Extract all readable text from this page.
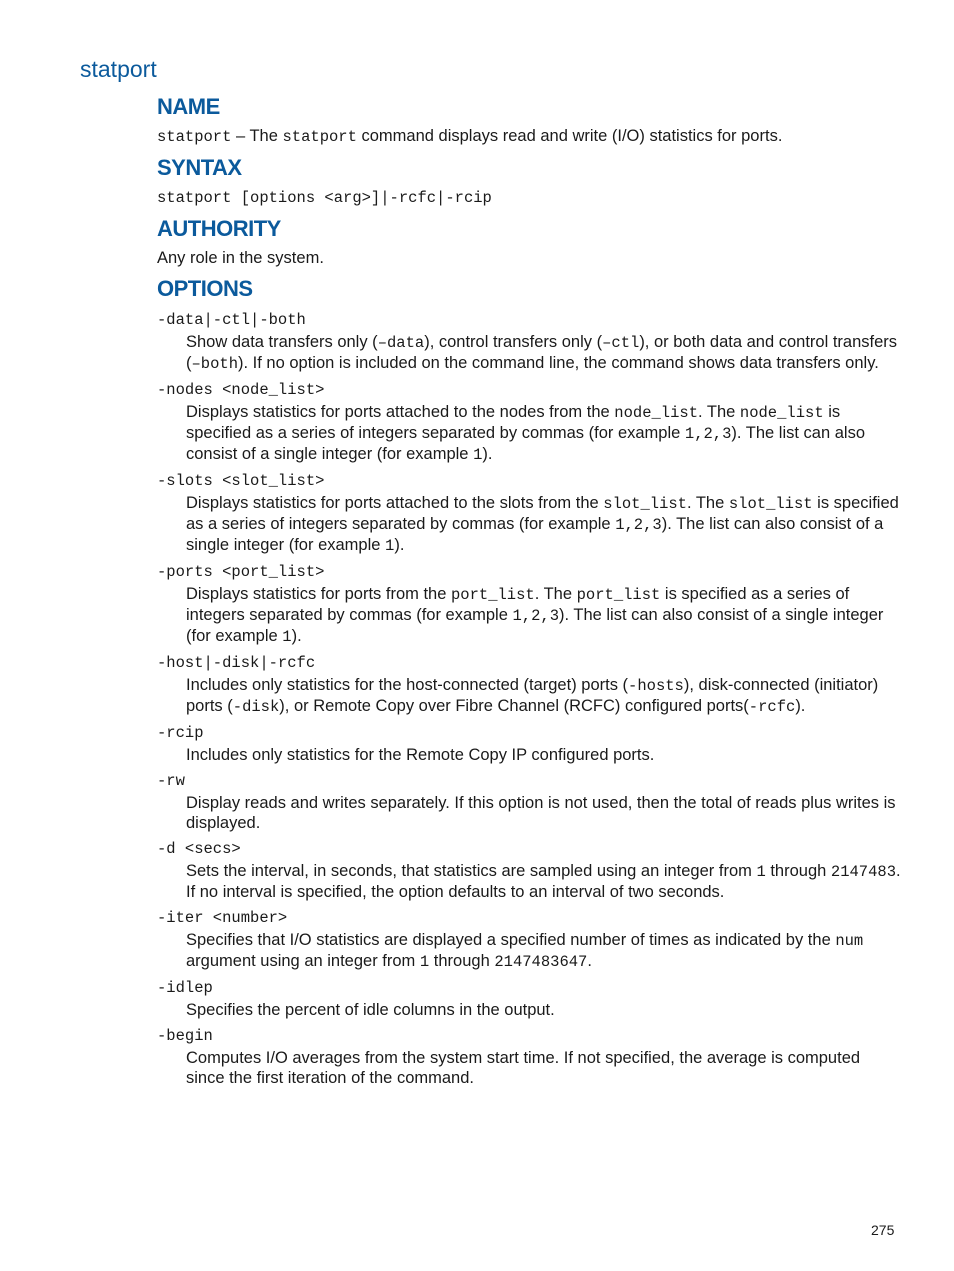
statport
NAME

statport – The statport command displays read and write (I/O) statistics for ports.

SYNTAX

statport [options <arg>]|-rcfc|-rcip

AUTHORITY

Any role in the system.

OPTIONS
-data|-ctl|-both
Show data transfers only (–data), control transfers only (–ctl), or both data and control transfers (–both). If no option is included on the command line, the command shows data transfers only.
-nodes <node_list>
Displays statistics for ports attached to the nodes from the node_list. The node_list is specified as a series of integers separated by commas (for example 1,2,3). The list can also consist of a single integer (for example 1).
-slots <slot_list>
Displays statistics for ports attached to the slots from the slot_list. The slot_list is specified as a series of integers separated by commas (for example 1,2,3). The list can also consist of a single integer (for example 1).
-ports <port_list>
Displays statistics for ports from the port_list. The port_list is specified as a series of integers separated by commas (for example 1,2,3). The list can also consist of a single integer (for example 1).
-host|-disk|-rcfc
Includes only statistics for the host-connected (target) ports (-hosts), disk-connected (initiator) ports (-disk), or Remote Copy over Fibre Channel (RCFC) configured ports(-rcfc).
-rcip
Includes only statistics for the Remote Copy IP configured ports.
-rw
Display reads and writes separately. If this option is not used, then the total of reads plus writes is displayed.
-d <secs>
Sets the interval, in seconds, that statistics are sampled using an integer from 1 through 2147483. If no interval is specified, the option defaults to an interval of two seconds.
-iter <number>
Specifies that I/O statistics are displayed a specified number of times as indicated by the num argument using an integer from 1 through 2147483647.
-idlep
Specifies the percent of idle columns in the output.
-begin
Computes I/O averages from the system start time. If not specified, the average is computed since the first iteration of the command.
275
